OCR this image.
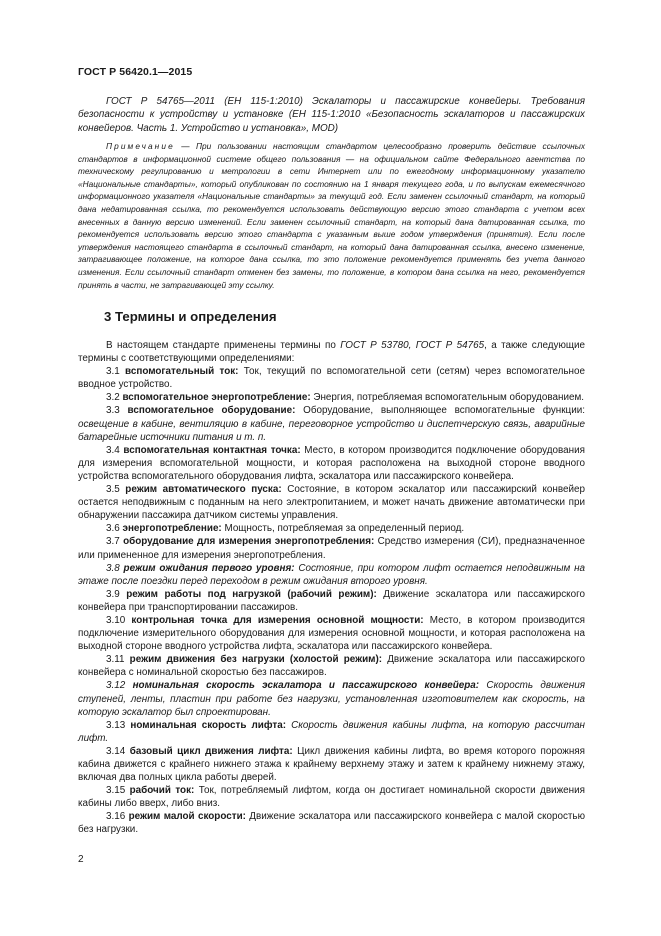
ГОСТ Р 56420.1—2015
ГОСТ Р 54765—2011 (ЕН 115-1:2010) Эскалаторы и пассажирские конвейеры. Требования безопасности к устройству и установке (ЕН 115-1:2010 «Безопасность эскалаторов и пассажирских конвейеров. Часть 1. Устройство и установка», MOD)
Примечание — При пользовании настоящим стандартом целесообразно проверить действие ссылочных стандартов в информационной системе общего пользования — на официальном сайте Федерального агентства по техническому регулированию и метрологии в сети Интернет или по ежегодному информационному указателю «Национальные стандарты», который опубликован по состоянию на 1 января текущего года, и по выпускам ежемесячного информационного указателя «Национальные стандарты» за текущий год. Если заменен ссылочный стандарт, на который дана недатированная ссылка, то рекомендуется использовать действующую версию этого стандарта с учетом всех внесенных в данную версию изменений. Если заменен ссылочный стандарт, на который дана датированная ссылка, то рекомендуется использовать версию этого стандарта с указанным выше годом утверждения (принятия). Если после утверждения настоящего стандарта в ссылочный стандарт, на который дана датированная ссылка, внесено изменение, затрагивающее положение, на которое дана ссылка, то это положение рекомендуется применять без учета данного изменения. Если ссылочный стандарт отменен без замены, то положение, в котором дана ссылка на него, рекомендуется принять в части, не затрагивающей эту ссылку.
3 Термины и определения

В настоящем стандарте применены термины по ГОСТ Р 53780, ГОСТ Р 54765, а также следующие термины с соответствующими определениями:

3.1 вспомогательный ток: Ток, текущий по вспомогательной сети (сетям) через вспомогательное вводное устройство.

3.2 вспомогательное энергопотребление: Энергия, потребляемая вспомогательным оборудованием.

3.3 вспомогательное оборудование: Оборудование, выполняющее вспомогательные функции: освещение в кабине, вентиляцию в кабине, переговорное устройство и диспетчерскую связь, аварийные батарейные источники питания и т. п.

3.4 вспомогательная контактная точка: Место, в котором производится подключение оборудования для измерения вспомогательной мощности, и которая расположена на выходной стороне вводного устройства вспомогательного оборудования лифта, эскалатора или пассажирского конвейера.

3.5 режим автоматического пуска: Состояние, в котором эскалатор или пассажирский конвейер остается неподвижным с поданным на него электропитанием, и может начать движение автоматически при обнаружении пассажира датчиком системы управления.

3.6 энергопотребление: Мощность, потребляемая за определенный период.

3.7 оборудование для измерения энергопотребления: Средство измерения (СИ), предназначенное или примененное для измерения энергопотребления.

3.8 режим ожидания первого уровня: Состояние, при котором лифт остается неподвижным на этаже после поездки перед переходом в режим ожидания второго уровня.

3.9 режим работы под нагрузкой (рабочий режим): Движение эскалатора или пассажирского конвейера при транспортировании пассажиров.

3.10 контрольная точка для измерения основной мощности: Место, в котором производится подключение измерительного оборудования для измерения основной мощности, и которая расположена на выходной стороне вводного устройства лифта, эскалатора или пассажирского конвейера.

3.11 режим движения без нагрузки (холостой режим): Движение эскалатора или пассажирского конвейера с номинальной скоростью без пассажиров.

3.12 номинальная скорость эскалатора и пассажирского конвейера: Скорость движения ступеней, ленты, пластин при работе без нагрузки, установленная изготовителем как скорость, на которую эскалатор был спроектирован.

3.13 номинальная скорость лифта: Скорость движения кабины лифта, на которую рассчитан лифт.

3.14 базовый цикл движения лифта: Цикл движения кабины лифта, во время которого порожняя кабина движется с крайнего нижнего этажа к крайнему верхнему этажу и затем к крайнему нижнему этажу, включая два полных цикла работы дверей.

3.15 рабочий ток: Ток, потребляемый лифтом, когда он достигает номинальной скорости движения кабины либо вверх, либо вниз.

3.16 режим малой скорости: Движение эскалатора или пассажирского конвейера с малой скоростью без нагрузки.

2
